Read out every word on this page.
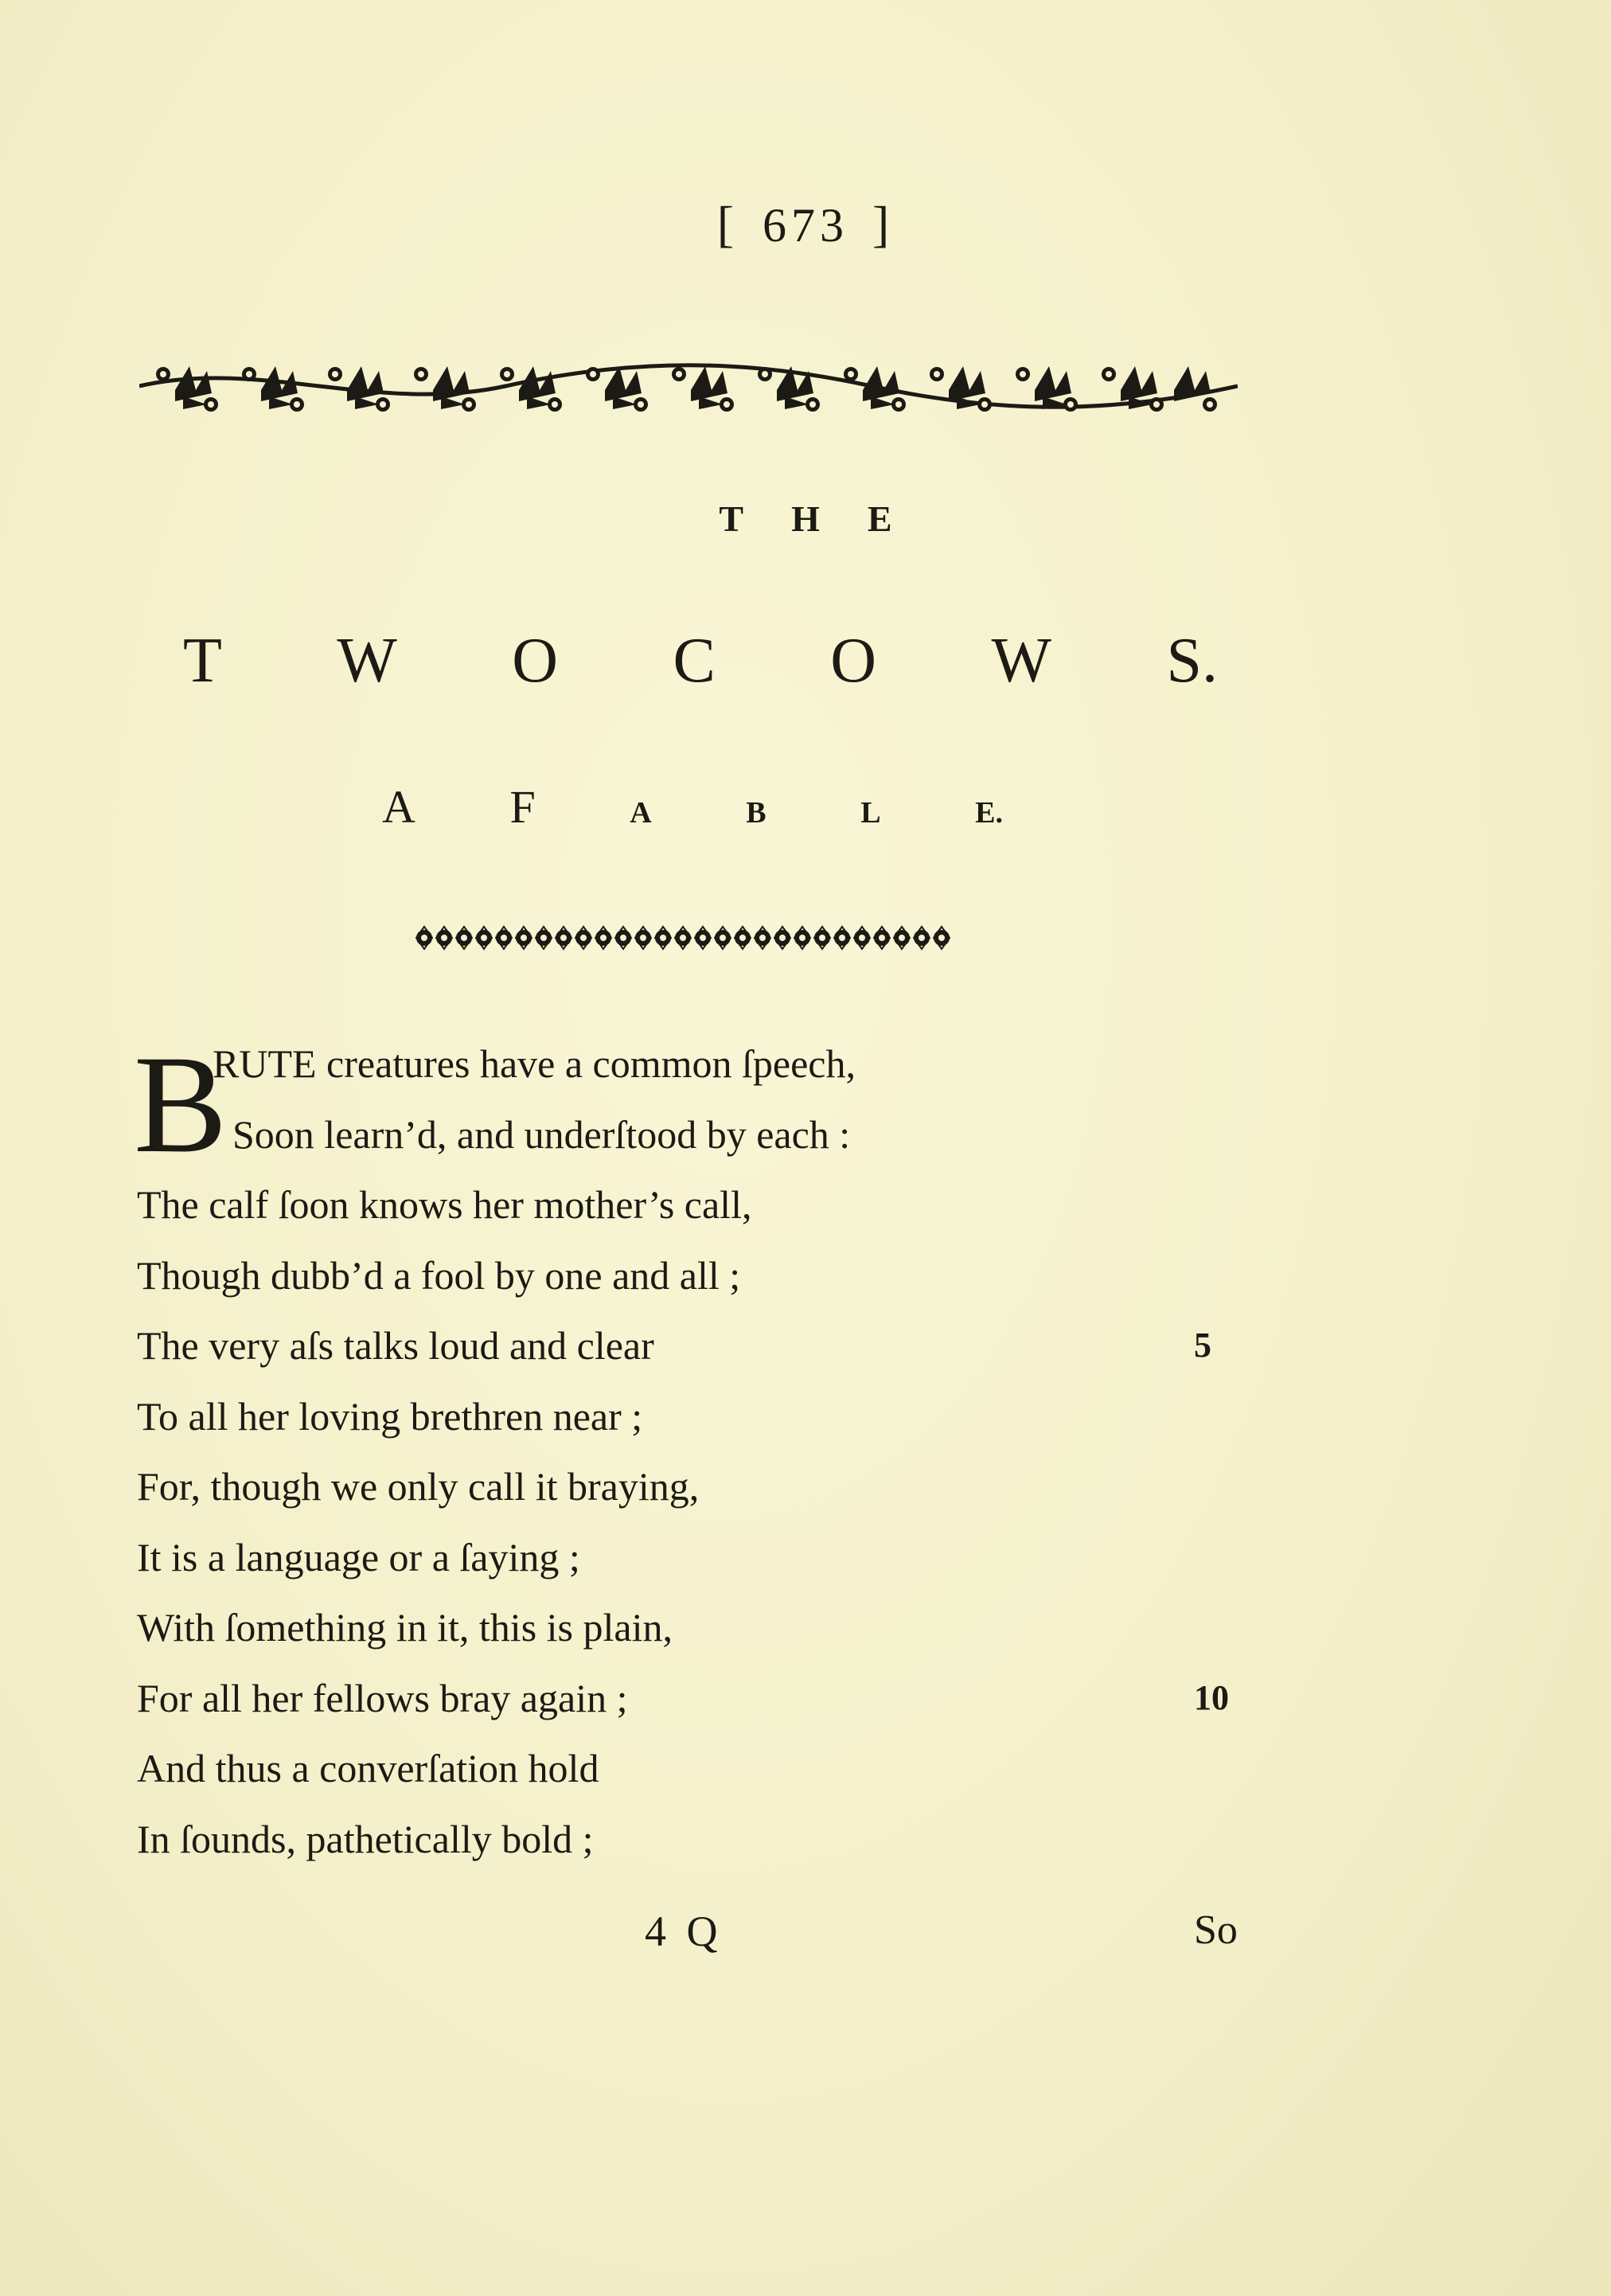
[ 673 ]
THE
T W O C O W S.
A F	A	B	L	E.
B
RUTE creatures have a common ſpeech,
Soon learn’d, and underſtood by each :
The calf ſoon knows her mother’s call,
Though dubb’d a fool by one and all ;
The very aſs talks loud and clear	5
To all her loving brethren near ;
For, though we only call it braying,
It is a language or a ſaying ;
With ſomething in it, this is plain,
For all her fellows bray again ;	10
And thus a converſation hold
In ſounds, pathetically bold ;
4 Q	So
